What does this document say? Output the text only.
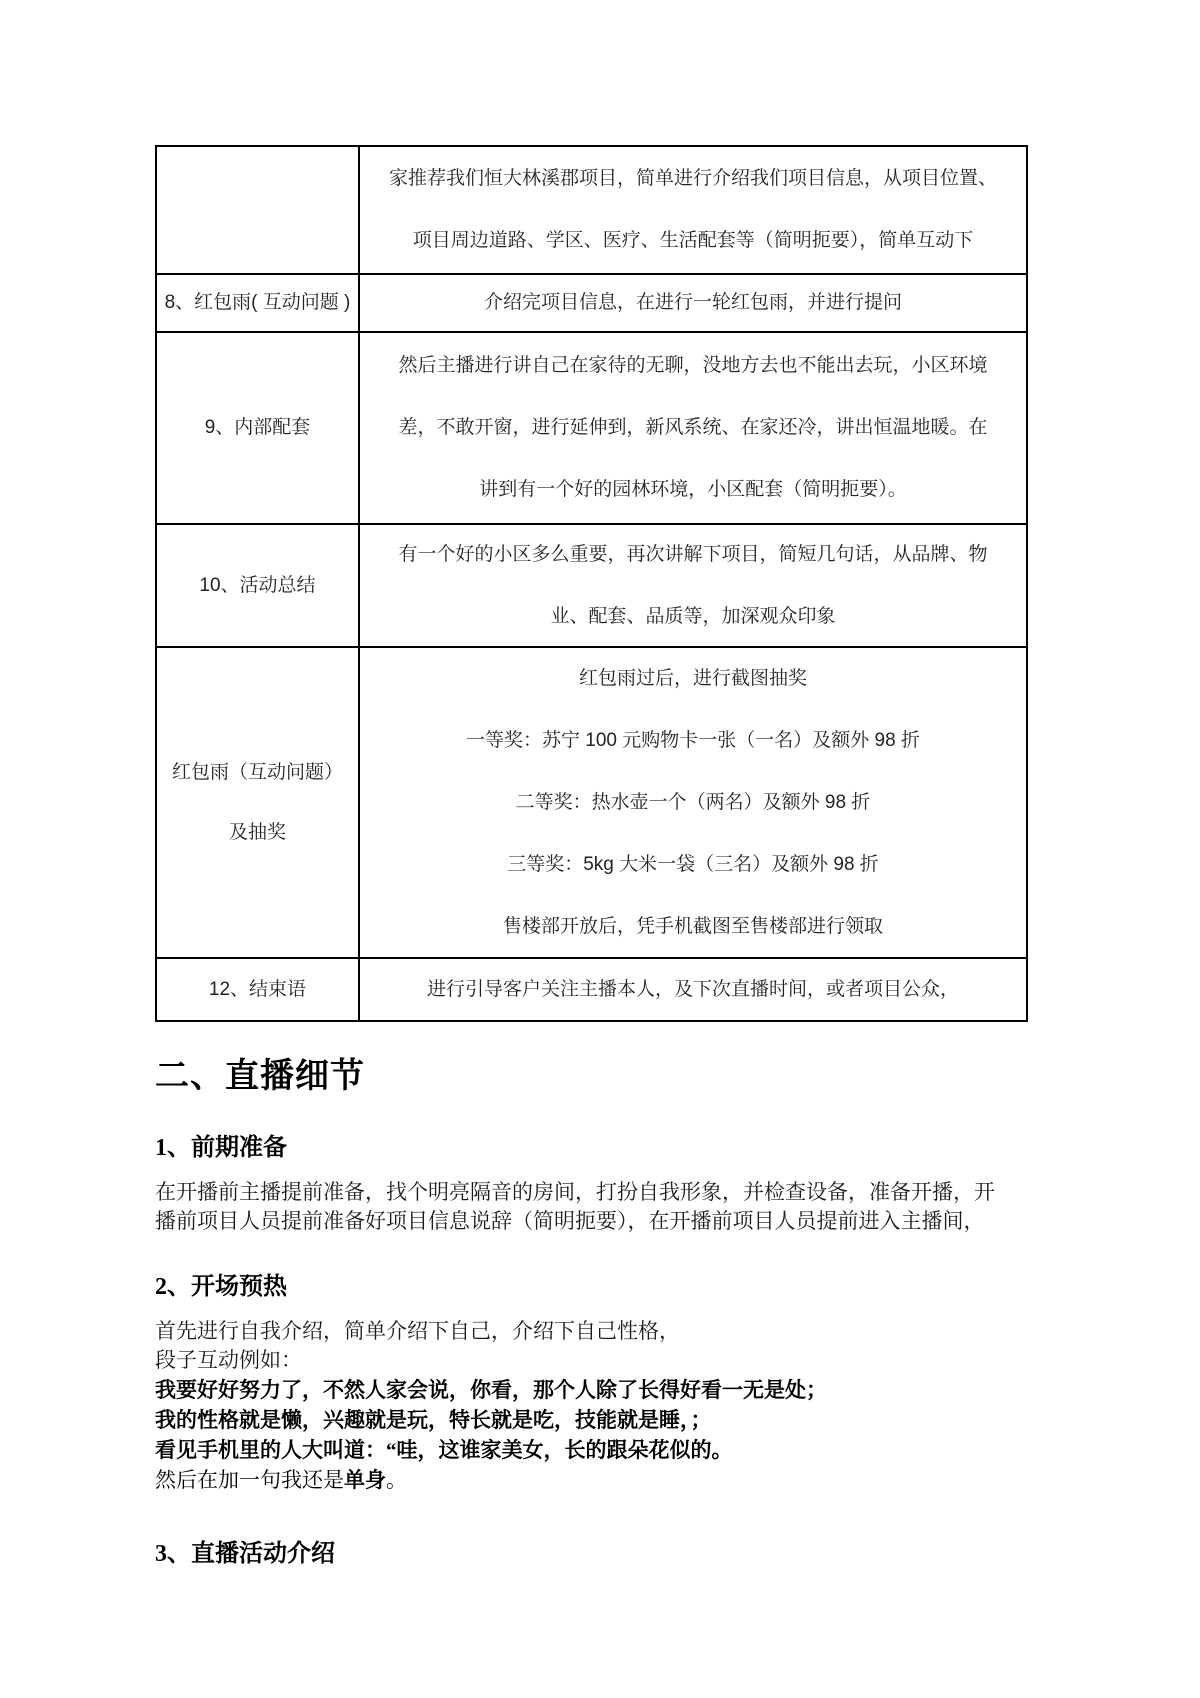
家推荐我们恒大林溪郡项目，简单进行介绍我们项目信息，从项目位置、
项目周边道路、学区、医疗、生活配套等（简明扼要），简单互动下
8、红包雨( 互动问题 )	介绍完项目信息，在进行一轮红包雨，并进行提问
9、内部配套
然后主播进行讲自己在家待的无聊，没地方去也不能出去玩，小区环境
差，不敢开窗，进行延伸到，新风系统、在家还冷，讲出恒温地暖。在
讲到有一个好的园林环境，小区配套（简明扼要）。
10、活动总结
有一个好的小区多么重要，再次讲解下项目，简短几句话，从品牌、物
业、配套、品质等，加深观众印象
红包雨（互动问题）
及抽奖
红包雨过后，进行截图抽奖
一等奖：苏宁 100 元购物卡一张（一名）及额外 98 折
二等奖：热水壶一个（两名）及额外 98 折
三等奖：5kg 大米一袋（三名）及额外 98 折
售楼部开放后，凭手机截图至售楼部进行领取
12、结束语	进行引导客户关注主播本人，及下次直播时间，或者项目公众，
二、直播细节
1、前期准备
在开播前主播提前准备，找个明亮隔音的房间，打扮自我形象，并检查设备，准备开播，开
播前项目人员提前准备好项目信息说辞（简明扼要），在开播前项目人员提前进入主播间，
2、开场预热
首先进行自我介绍，简单介绍下自己，介绍下自己性格，
段子互动例如：
我要好好努力了，不然人家会说，你看，那个人除了长得好看一无是处；
我的性格就是懒，兴趣就是玩，特长就是吃，技能就是睡，；
看见手机里的人大叫道：“哇，这谁家美女，长的跟朵花似的。
然后在加一句我还是单身。
3、直播活动介绍
